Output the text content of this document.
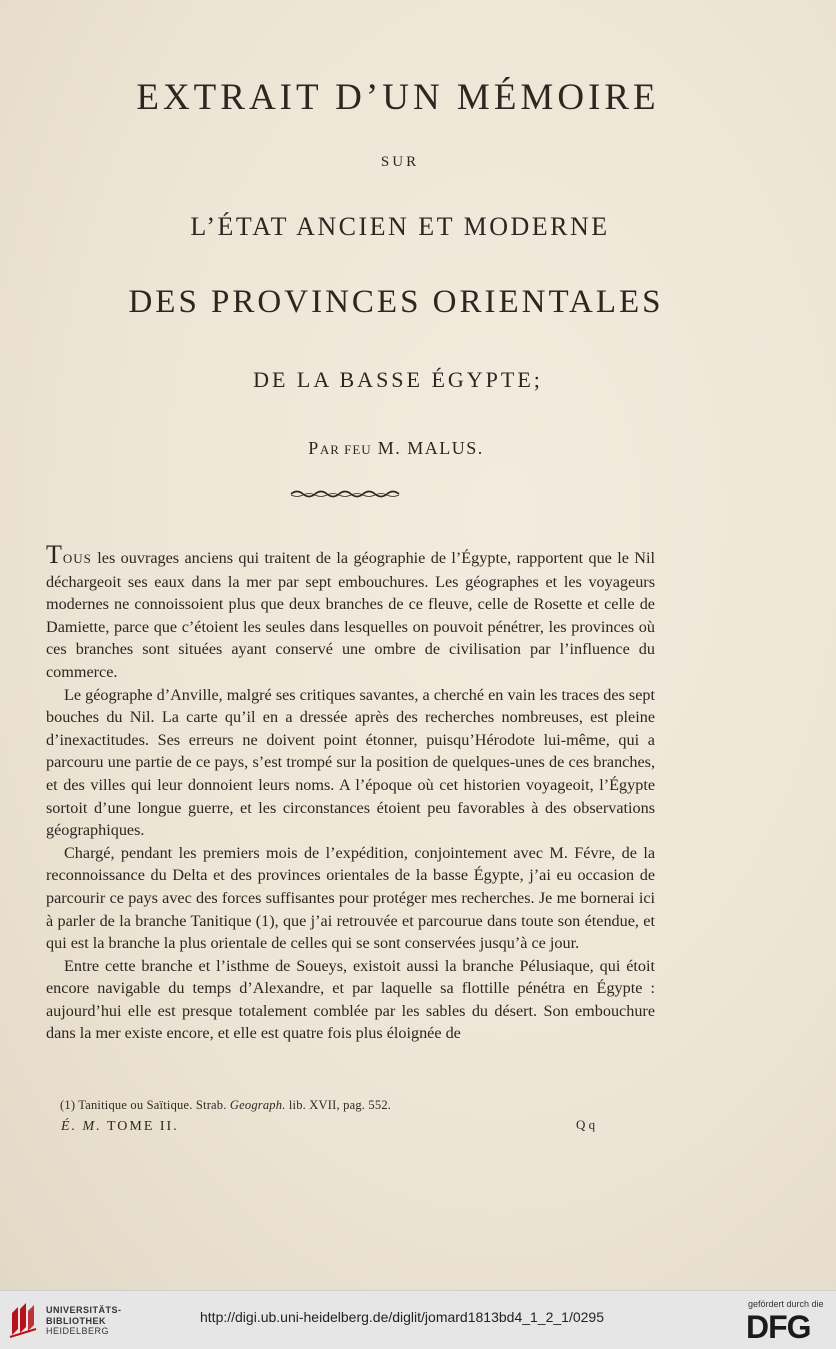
EXTRAIT D’UN MÉMOIRE
SUR
L’ÉTAT ANCIEN ET MODERNE
DES PROVINCES ORIENTALES
DE LA BASSE ÉGYPTE;
PAR FEU M. MALUS.

TOUS les ouvrages anciens qui traitent de la géographie de l’Égypte, rapportent que le Nil déchargeoit ses eaux dans la mer par sept embouchures. Les géographes et les voyageurs modernes ne connoissoient plus que deux branches de ce fleuve, celle de Rosette et celle de Damiette, parce que c’étoient les seules dans lesquelles on pouvoit pénétrer, les provinces où ces branches sont situées ayant conservé une ombre de civilisation par l’influence du commerce.

Le géographe d’Anville, malgré ses critiques savantes, a cherché en vain les traces des sept bouches du Nil. La carte qu’il en a dressée après des recherches nombreuses, est pleine d’inexactitudes. Ses erreurs ne doivent point étonner, puisqu’Hérodote lui-même, qui a parcouru une partie de ce pays, s’est trompé sur la position de quelques-unes de ces branches, et des villes qui leur donnoient leurs noms. A l’époque où cet historien voyageoit, l’Égypte sortoit d’une longue guerre, et les circonstances étoient peu favorables à des observations géographiques.

Chargé, pendant les premiers mois de l’expédition, conjointement avec M. Févre, de la reconnoissance du Delta et des provinces orientales de la basse Égypte, j’ai eu occasion de parcourir ce pays avec des forces suffisantes pour protéger mes recherches. Je me bornerai ici à parler de la branche Tanitique (1), que j’ai retrouvée et parcourue dans toute son étendue, et qui est la branche la plus orientale de celles qui se sont conservées jusqu’à ce jour.

Entre cette branche et l’isthme de Soueys, existoit aussi la branche Pélusiaque, qui étoit encore navigable du temps d’Alexandre, et par laquelle sa flottille pénétra en Égypte : aujourd’hui elle est presque totalement comblée par les sables du désert. Son embouchure dans la mer existe encore, et elle est quatre fois plus éloignée de

(1) Tanitique ou Saïtique. Strab. Geograph. lib. XVII, pag. 552.
É. M. TOME II.	Q q
UNIVERSITÄTS-
BIBLIOTHEK
HEIDELBERG
http://digi.ub.uni-heidelberg.de/diglit/jomard1813bd4_1_2_1/0295
gefördert durch die
DFG
